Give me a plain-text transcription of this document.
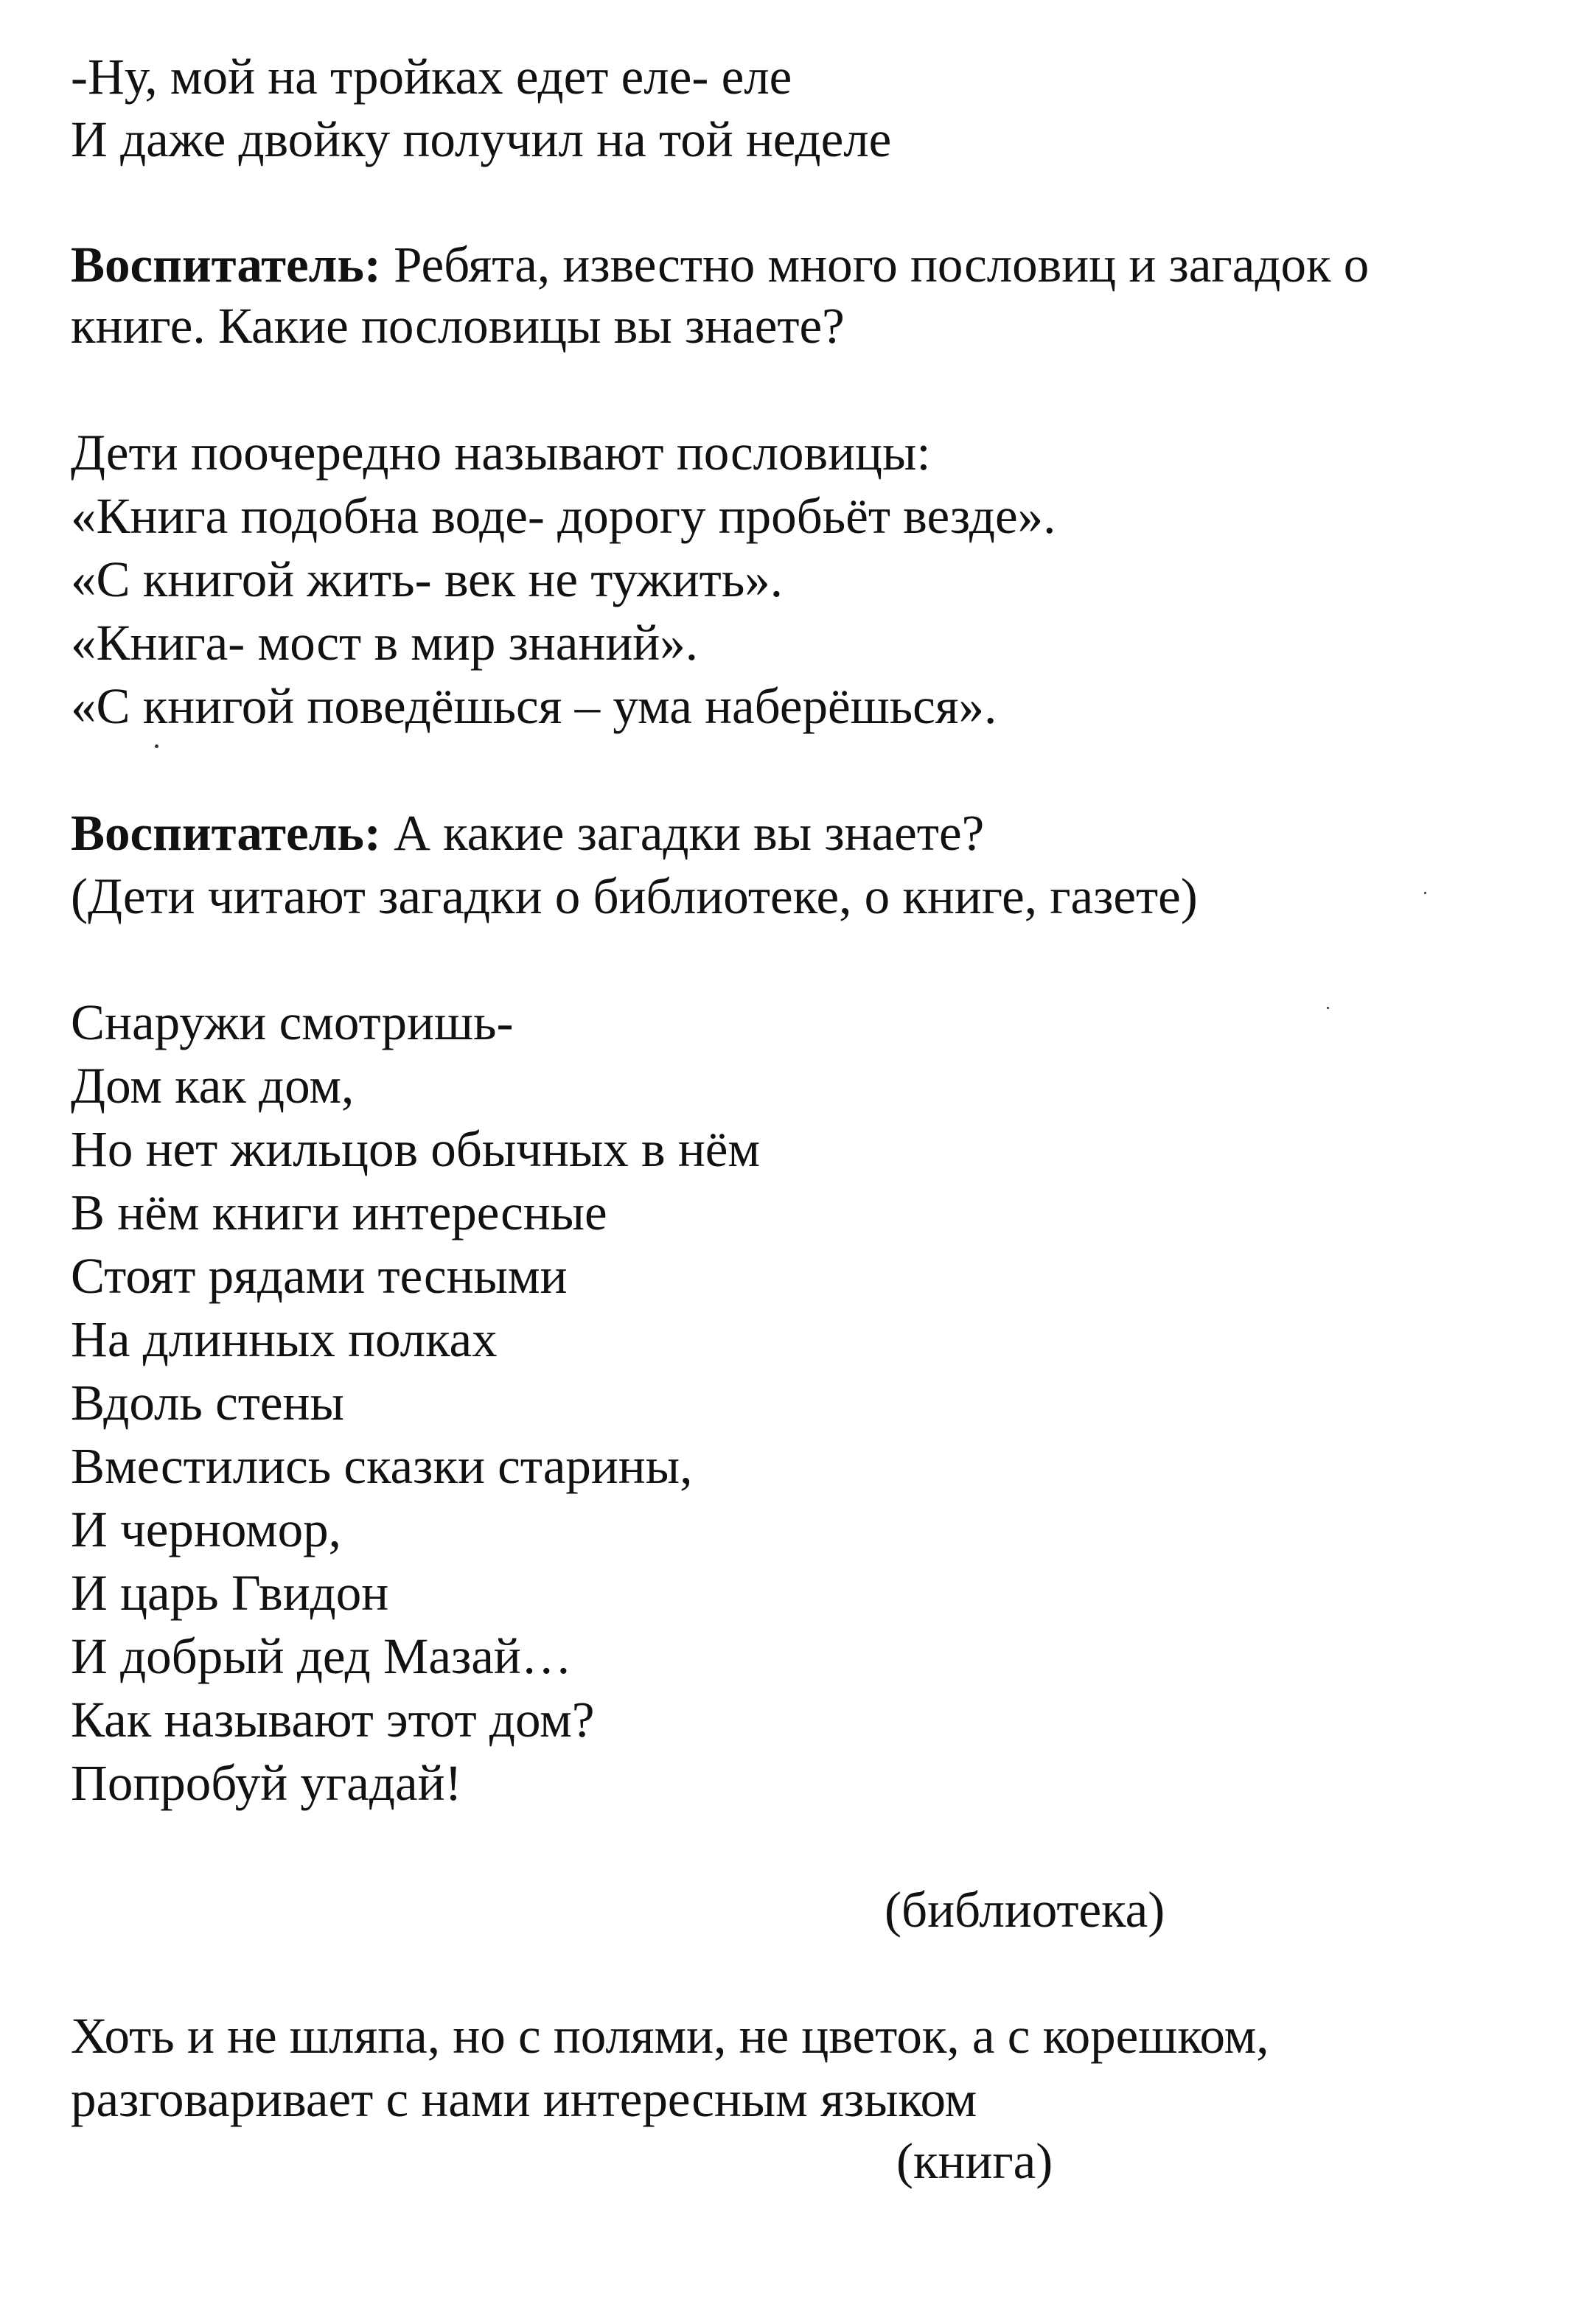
-Ну, мой на тройках едет еле- еле
И даже двойку получил на той неделе
Воспитатель: Ребята, известно много пословиц и загадок о
книге. Какие пословицы вы знаете?
Дети поочередно называют пословицы:
«Книга подобна воде- дорогу пробьёт везде».
«С книгой жить- век не тужить».
«Книга- мост в мир знаний».
«С книгой поведёшься – ума наберёшься».
Воспитатель: А какие загадки вы знаете?
(Дети читают загадки о библиотеке, о книге, газете)
Снаружи смотришь-
Дом как дом,
Но нет жильцов обычных в нём
В нём книги интересные
Стоят рядами тесными
На длинных полках
Вдоль стены
Вместились сказки старины,
И черномор,
И царь Гвидон
И добрый дед Мазай…
Как называют этот дом?
Попробуй угадай!
(библиотека)
Хоть и не шляпа, но с полями, не цветок, а с корешком,
разговаривает с нами интересным языком
(книга)
